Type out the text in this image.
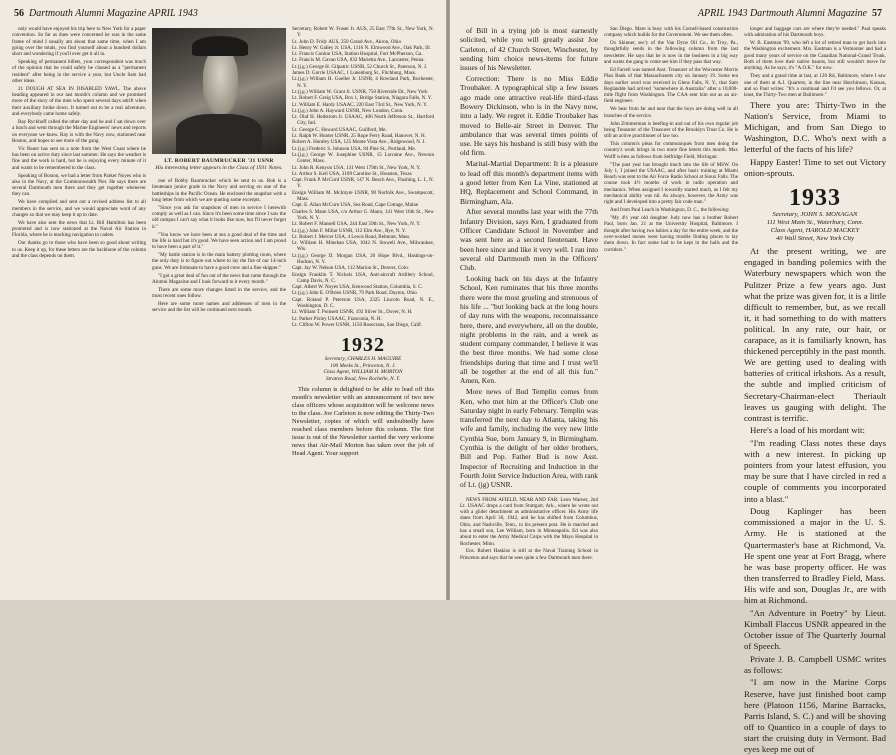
56 Dartmouth Alumni Magazine APRIL 1943

only would have enjoyed his trip here to New York for a paper convention. So far as dues were concerned he was in the same frame of mind I usually am about that same time, when I am going over the totals, you find yourself about a hundred dollars short and wondering if you'll ever get it all in.

Speaking of permanent billets, your correspondent was much of the opinion that he could safely be classed as a "permanent resident" after being in the service a year, but Uncle Sam had other ideas.

21 DOUGH AT SEA IN DISABLED YAWL. The above heading appeared in our last month's column and we promised more of the story of the men who spent several days adrift when their auxiliary broke down. It turned out to be a real adventure, and everybody came home safely.

Ray Ryckhoff called the other day and he and I sat down over a lunch and went through the Marine Engineers' news and reports on everyone we knew. Ray is with the Navy now, stationed near Boston, and hopes to see more of the gang.

Vic Bauer has sent us a note from the West Coast where he has been on active duty since last summer. He says the weather is fine and the work is hard, but he is enjoying every minute of it and wants to be remembered to the class.

Speaking of Boston, we had a letter from Parker Noyes who is also in the Navy, at the Commonwealth Pier. He says there are several Dartmouth men there and they get together whenever they can.

We have compiled and sent out a revised address list to all members in the service, and we would appreciate word of any changes so that we may keep it up to date.

We have also sent the news that Lt. Bill Hamilton has been promoted and is now stationed at the Naval Air Station in Florida, where he is teaching navigation to cadets.

Our thanks go to those who have been so good about writing to us. Keep it up, for these letters are the backbone of the column and the class depends on them.

LT. ROBERT BAUMRUCKER '31 USNR
His interesting letter appears in the Class of 1931 Notes.

one of Bobby Baumrucker which he sent to us. Bob is a lieutenant junior grade in the Navy and serving on one of the battleships in the Pacific Ocean. He enclosed the snapshot with a long letter from which we are quoting some excerpts.

"Since you ask for snapshots of men in service I herewith comply as well as I can. Since it's been some time since I saw the old campus I can't say what it looks like now, but I'll never forget it."

"You know we have been at sea a good deal of the time and the life is hard but it's good. We have seen action and I am proud to have been a part of it."

"My battle station is in the main battery plotting room, where the only duty is to figure out where to lay the fire of our 14-inch guns. We are fortunate to have a good crew and a fine skipper."

"I got a great deal of fun out of the news that came through the Alumni Magazine and I look forward to it every month."

There are some more changes listed in the service, and the most recent ones follow.

Here are some more names and addresses of men in the service and the list will be continued next month.

Secretary, Robert W. Fraser Jr. AUS, 25 East 77th St., New York, N. Y.

Lt. John D. Fridy AUS, 250 Grand Ave., Akron, Ohio

Lt. Henry W. Galley Jr. USA, 1116 N. Elmwood Ave., Oak Park, Ill.

Lt. Francis Conlon USA, Station Hospital, Fort McPherson, Ga.

Lt. Francis M. Gavan USA, 832 Marietta Ave., Lancaster, Penna.

Lt.(j.g.) George H. Gilpatric USNR, 52 Church St., Paterson, N. J.

James D. Gorrie USAAC, 1 Lunenburg St., Fitchburg, Mass.

Lt.(j.g.) William H. Goeller Jr. USNR, 4 Rowland Park, Rochester, N. Y.

Lt.(j.g.) William W. Grant Jr. USNR, 750 Riverside Dr., New York

Lt. Robert F. Greig USA, Box 1, Bridge Station, Niagara Falls, N. Y.

Lt. William E. Hardy USAAC, 220 East 73rd St., New York, N. Y.

Lt.(j.g.) John A. Hayward USNR, New London, Conn.

Lt. Olaf H. Hedstrom Jr. USAAC, 406 North Jefferson St., Hartford City, Ind.

Lt. George C. Howard USAAC, Guilford, Me.

Lt. Ralph W. Hunter USNR, 25 Rope Ferry Road, Hanover, N. H.

Robert A. Huntley USA, 125 Monte Vista Ave., Ridgewood, N. J.

Lt.(j.g.) Frederic S. Johnson USA, 84 Pine St., Portland, Me.

Lt.(j.g.) George W. Josephine USNR, 15 Lorraine Ave., Newton Center, Mass.

Lt. John R. Kenyon USA, 131 West 179th St., New York, N. Y.

Lt. Arthur S. Keil USA, 3109 Caroline St., Houston, Texas

Capt. Frank P. McCord USNR, 147 N. Beach Ave., Flushing, L. I., N. Y.

Ensign William M. McIntyre USNR, 90 Norfolk Ave., Swampscott, Mass.

Capt. E. Allan McCurn USA, Sea Road, Cape Cottage, Maine

Charles S. Mann USA, c/o Arthur G. Mann, 141 West 16th St., New York, N. Y.

Lt. Robert F. Mansell USA, 244 East 59th St., New York, N. Y.

Lt.(j.g.) John F. Millar USNR, 112 Elm Ave., Rye, N. Y.

Lt. Robert J. Mercer USA, 4 Lewis Road, Belmont, Mass.

Lt. William H. Minehan USA, 1042 N. Stowell Ave., Milwaukee, Wis.

Lt.(j.g.) George D. Morgan USA, 20 Hope Blvd., Hastings-on-Hudson, N. Y.

Capt. Jay W. Nelson USA, 112 Marion St., Denver, Colo.

Ensign Franklin T. Nichols USA, Anti-aircraft Artillery School, Camp Davis, N. C.

Capt. Albert W. Noyes USA, Kenwood Station, Columbia, S. C.

Lt.(j.g.) John E. O'Brien USNR, 79 Park Road, Dayton, Ohio

Capt. Roland P. Peterson USA, 2325 Lincoln Road, N. E., Washington, D. C.

Lt. William T. Poinsett USNR, 192 Silver St., Dover, N. H.

Lt. Parker Pixley USAAC, Franconia, N. H.

Lt. Clifton W. Power USNR, 1150 Rosecrans, San Diego, Calif.

1932
Secretary, CHARLES H. MAGUIRE
100 Meeks St., Princeton, N. J.
Class Agent, WILLIAM H. MORTON
Stratton Road, New Rochelle, N. Y.

This column is delighted to be able to lead off this month's newsletter with an announcement of two new class officers whose acquisition will be welcome news to the class. Joe Carleton is now editing the Thirty-Two Newsletter, copies of which will undoubtedly have reached class members before this column. The first issue is out of the Newsletter carried the very welcome news that Air-Mail Morton has taken over the job of Head Agent. Your support

APRIL 1943 Dartmouth Alumni Magazine 57

of Bill in a trying job is most earnestly solicited, while you will greatly assist Joe Carleton, of 42 Church Street, Winchester, by sending him choice news-items for future issues of his Newsletter.

Correction: There is no Miss Eddie Troubaker. A typographical slip a few issues ago made one attractive real-life third-class Bowery Dickinson, who is in the Navy now, into a lady. We regret it. Eddie Troubaker has moved to Belle-air Street in Denver. The ambulance that was several times points of use. He says his husband is still busy with the old firm.

Marital-Martial Department: It is a pleasure to lead off this month's department items with a good letter from Ken La Vine, stationed at HQ, Replacement and School Command, in Birmingham, Ala.

After several months last year with the 77th Infantry Division, says Ken, I graduated from Officer Candidate School in November and was sent here as a second lieutenant. Have been here since and like it very well. I ran into several old Dartmouth men in the Officers' Club.

Looking back on his days at the Infantry School, Ken ruminates that his three months there were the most grueling and strenuous of his life ... "but looking back at the long hours of day runs with the weapons, reconnaissance here, there, and everywhere, all on the double, night problems in the rain, and a week as student company commander, I believe it was the best three months. We had some close friendships during that time and I trust we'll all be together at the end of all this fun." Amen, Ken.

More news of Bud Templin comes from Ken, who met him at the Officer's Club one Saturday night in early February. Templin was transferred the next day to Atlanta, taking his wife and family, including the very new little Cynthia Sue, born January 9, in Birmingham. Cynthia is the delight of her older brothers, Bill and Pop. Father Bud is now Asst. Inspector of Recruiting and Induction in the Fourth Joint Service Induction Area, with rank of Lt. (jg) USNR.

NEWS FROM AFIELD, NEAR AND FAR: Leon Warner, 2nd Lt. USAAC drops a card from Stuttgart, Ark., where he wrote out with a glider detachment as administrative officer. His Army life dates from April 30, 1942, and he has shifted from Columbus, Ohio, and Nashville, Tenn., to his present post. He is married and has a small son, Lee William, born in Minneapolis. Ed was also about to enter the Army Medical Corps with the Mayo Hospital in Rochester, Minn.

Ens. Robert Haskins is still at the Naval Training School in Princeton and says that he sees quite a few Dartmouth men there.

San Diego. Mare is busy with his Cornell-based construction company which builds for the Government. We see them often.

Ox Skinner, sec'y of the Van Dyne Oil Co., in Troy, Pa., thoughtfully sends in the following column from the last newsletter. He says that he is now in the business in a big way and wants the gang to come see him if they pass that way.

Ed Farrell was named Asst. Treasurer of the Worcester Morris Plan Bank of that Massachusetts city on January 19. Some ten days earlier word was received in Glens Falls, N. Y., that Sam Beglandde had arrived "somewhere in Australia" after a 10,000-mile flight from Washington. The CAA sent him out as an air-field engineer.

We hear from far and near that the boys are doing well in all branches of the service.

John Zimmerman is beefing-in and out of his own regular job being Treasurer of the Treasurer of the Brooklyn Trust Co. He is still an active practitioner of law too.

This column's pleas for communiqués from men doing the country's work brings in two more fine letters this month. Max Wolff writes as follows from Selfridge Field, Michigan:

"The past year has brought much into the life of MSW. On July 1, I joined the USAAC, and after basic training at Miami Beach was sent to the Air Force Radio School at Sioux Falls. The course took 4½ months of work in radio operation and mechanics. When assigned I towardly started much, as I felt my mechanical ability was nil. As always, however, the Army was right and I developed into a pretty fair code man."

And from Paul Leach in Washington, D. C., the following:

"My 4½ year old daughter Judy now has a brother Robert Paul, born Jan. 21 at the University Hospital, Baltimore. I thought after having two babies a day for the entire week, and the over-worked nurses were having trouble finding places to lay them down. In fact some had to be kept in the halls and the corridors."

longer and baggage cars are where they're needed." Paul speaks with admiration of his Dartmouth boys.

W. B. Eastman '99, who left a lot of retired man to get back into the Washington excitement. Mrs. Eastman is a Vermonter and had a good many years of service on the Canadian National-Grand Trunk. Both of them love their native haunts, but still wouldn't move for anything. As he says, it's "A.O.K." for now.

They and a grand time at last, at 120 Rd, Baltimore, where I saw one of them at A.J. Quarters, in the line near Hutchinson, Kansas, and so Paul writes: "It's a continual and I'd see you fellows. Or, at least, the Thirty-Two men at Baltimore."

There you are: Thirty-Two in the Nation's Service, from Miami to Michigan, and from San Diego to Washington, D.C. Who's next with a letterful of the facts of his life?

Happy Easter! Time to set out Victory onion-sprouts.

1933
Secretary, JOHN S. MONAGAN
111 West Main St., Waterbury, Conn.
Class Agent, HAROLD MACKEY
40 Wall Street, New York City

At the present writing, we are engaged in banding polemics with the Waterbury newspapers which won the Pulitzer Prize a few years ago. Just what the prize was given for, it is a little difficult to remember, but, as we recall it, it had something to do with matters political. In any rate, our hair, or carapace, as it is familiarly known, has thickened perceptibly in the past month. We are getting used to dealing with batteries of critical irkshots. As a result, the subtle and implied criticism of Secretary-Chairman-elect Theriault leaves us gauging with delight. The contrast is terrific.

Here's a load of his mordant wit:

"I'm reading Class notes these days with a new interest. In picking up pointers from your latest effusion, you may be sure that I have circled in red a couple of comments you incorporated into a blast."

Doug Kaplinger has been commissioned a major in the U. S. Army. He is stationed at the Quartermaster's base at Richmond, Va. He spent one year at Fort Bragg, where he was base property officer. He was then transferred to Bradley Field, Mass. His wife and son, Douglas Jr., are with him at Richmond.

"An Adventure in Poetry" by Lieut. Kimball Flaccus USNR appeared in the October issue of The Quarterly Journal of Speech.

Private J. B. Campbell USMC writes as follows:

"I am now in the Marine Corps Reserve, have just finished boot camp here (Platoon 1156, Marine Barracks, Parris Island, S. C.) and will be shoving off to Quantico in a couple of days to start the cruising duty in Vermont. Bad eyes keep me out of
